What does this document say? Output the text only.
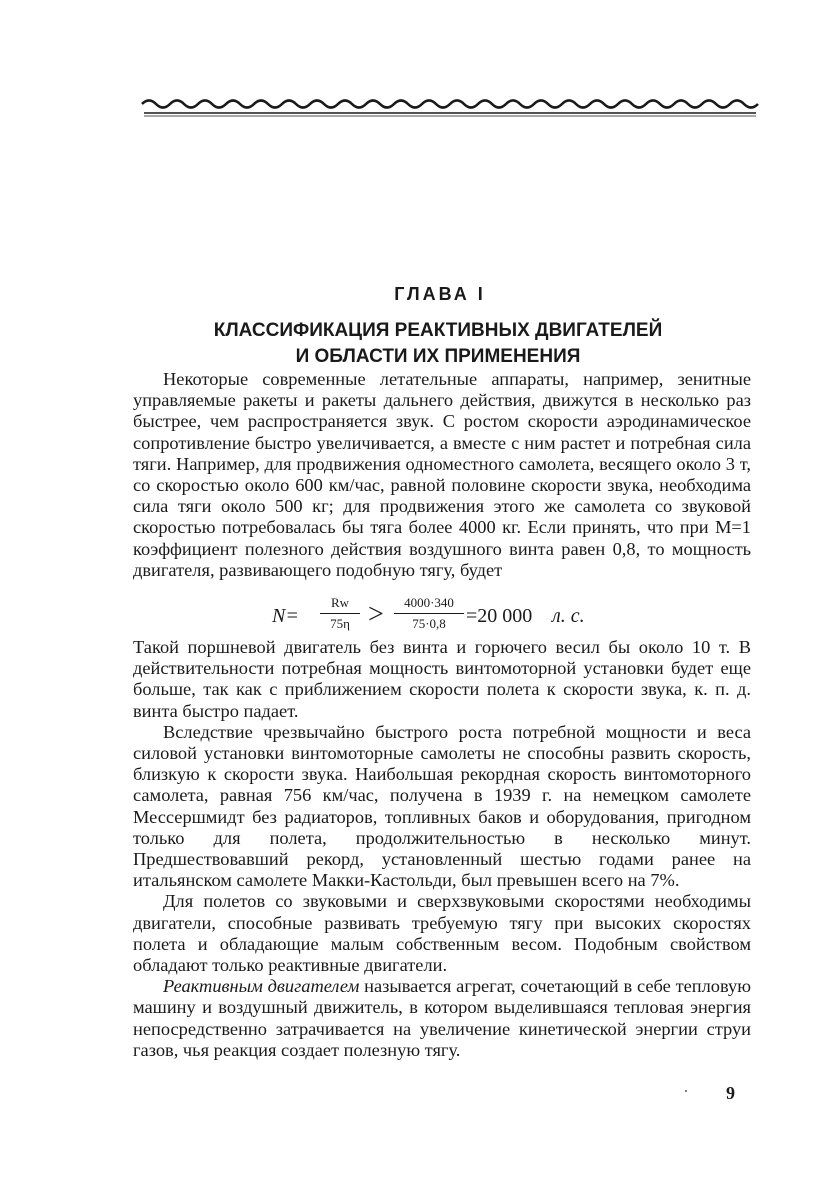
ГЛАВА I
КЛАССИФИКАЦИЯ РЕАКТИВНЫХ ДВИГАТЕЛЕЙ
И ОБЛАСТИ ИХ ПРИМЕНЕНИЯ

Некоторые современные летательные аппараты, например, зенитные управляемые ракеты и ракеты дальнего действия, движутся в несколько раз быстрее, чем распространяется звук. С ростом скорости аэродинамическое сопротивление быстро увеличивается, а вместе с ним растет и потребная сила тяги. Например, для продвижения одноместного самолета, весящего около 3 т, со скоростью около 600 км/час, равной половине скорости звука, необходима сила тяги около 500 кг; для продвижения этого же самолета со звуковой скоростью потребовалась бы тяга более 4000 кг. Если принять, что при M=1 коэффициент полезного действия воздушного винта равен 0,8, то мощность двигателя, развивающего подобную тягу, будет

$N= \frac{Rw}{75\eta} > \frac{4000\cdot 340}{75\cdot 0,8} =20$ 000 л. с.

Такой поршневой двигатель без винта и горючего весил бы около 10 т. В действительности потребная мощность винтомоторной установки будет еще больше, так как с приближением скорости полета к скорости звука, к. п. д. винта быстро падает.

Вследствие чрезвычайно быстрого роста потребной мощности и веса силовой установки винтомоторные самолеты не способны развить скорость, близкую к скорости звука. Наибольшая рекордная скорость винтомоторного самолета, равная 756 км/час, получена в 1939 г. на немецком самолете Мессершмидт без радиаторов, топливных баков и оборудования, пригодном только для полета, продолжительностью в несколько минут. Предшествовавший рекорд, установленный шестью годами ранее на итальянском самолете Макки-Кастольди, был превышен всего на 7%.

Для полетов со звуковыми и сверхзвуковыми скоростями необходимы двигатели, способные развивать требуемую тягу при высоких скоростях полета и обладающие малым собственным весом. Подобным свойством обладают только реактивные двигатели.

Реактивным двигателем называется агрегат, сочетающий в себе тепловую машину и воздушный движитель, в котором выделившаяся тепловая энергия непосредственно затрачивается на увеличение кинетической энергии струи газов, чья реакция создает полезную тягу.

9
